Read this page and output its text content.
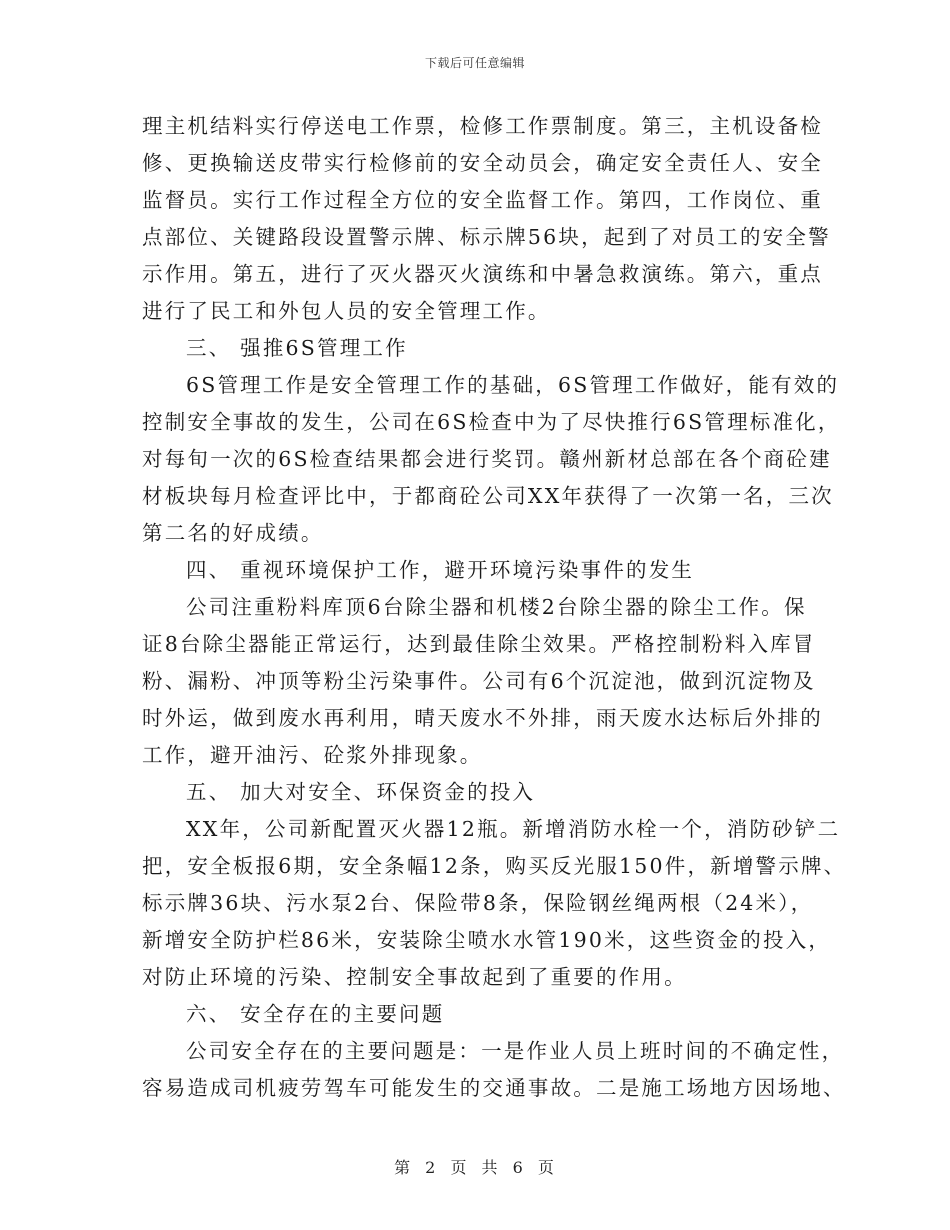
下载后可任意编辑
理主机结料实行停送电工作票，检修工作票制度。第三，主机设备检
修、更换输送皮带实行检修前的安全动员会，确定安全责任人、安全
监督员。实行工作过程全方位的安全监督工作。第四，工作岗位、重
点部位、关键路段设置警示牌、标示牌56块，起到了对员工的安全警
示作用。第五，进行了灭火器灭火演练和中暑急救演练。第六，重点
进行了民工和外包人员的安全管理工作。
三、 强推6S管理工作
6S管理工作是安全管理工作的基础，6S管理工作做好，能有效的
控制安全事故的发生，公司在6S检查中为了尽快推行6S管理标准化，
对每旬一次的6S检查结果都会进行奖罚。赣州新材总部在各个商砼建
材板块每月检查评比中，于都商砼公司XX年获得了一次第一名，三次
第二名的好成绩。
四、 重视环境保护工作，避开环境污染事件的发生
公司注重粉料库顶6台除尘器和机楼2台除尘器的除尘工作。保
证8台除尘器能正常运行，达到最佳除尘效果。严格控制粉料入库冒
粉、漏粉、冲顶等粉尘污染事件。公司有6个沉淀池，做到沉淀物及
时外运，做到废水再利用，晴天废水不外排，雨天废水达标后外排的
工作，避开油污、砼浆外排现象。
五、 加大对安全、环保资金的投入
XX年，公司新配置灭火器12瓶。新增消防水栓一个，消防砂铲二
把，安全板报6期，安全条幅12条，购买反光服150件，新增警示牌、
标示牌36块、污水泵2台、保险带8条，保险钢丝绳两根（24米），
新增安全防护栏86米，安装除尘喷水水管190米，这些资金的投入，
对防止环境的污染、控制安全事故起到了重要的作用。
六、 安全存在的主要问题
公司安全存在的主要问题是：一是作业人员上班时间的不确定性，
容易造成司机疲劳驾车可能发生的交通事故。二是施工场地方因场地、
第 2 页 共 6 页
